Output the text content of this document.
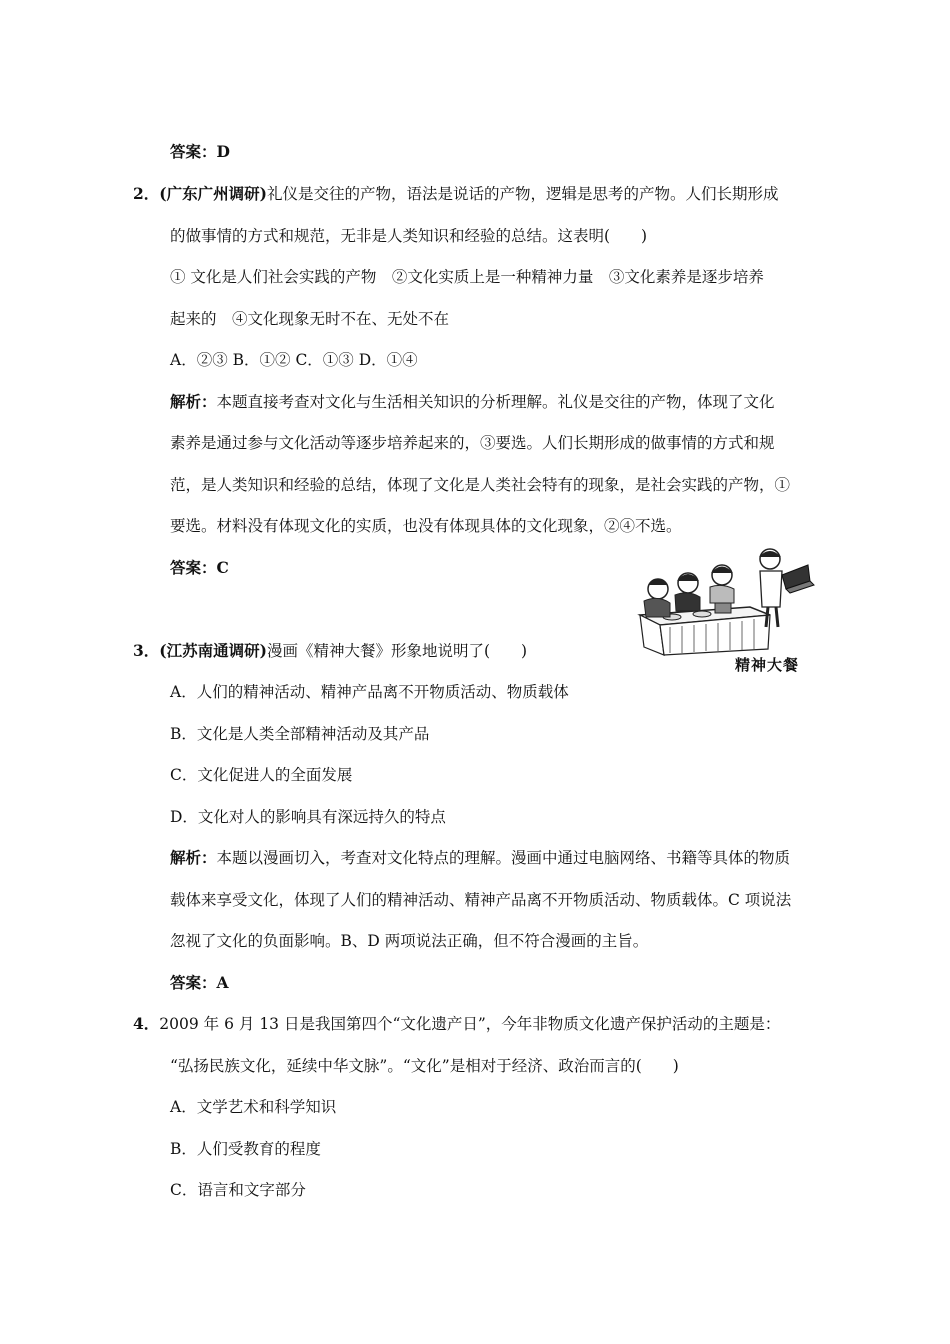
答案：D
2．(广东广州调研)礼仪是交往的产物，语法是说话的产物，逻辑是思考的产物。人们长期形成
的做事情的方式和规范，无非是人类知识和经验的总结。这表明(　　)
① 文化是人们社会实践的产物　②文化实质上是一种精神力量　③文化素养是逐步培养
起来的　④文化现象无时不在、无处不在
A．②③ B．①② C．①③ D．①④
解析：本题直接考查对文化与生活相关知识的分析理解。礼仪是交往的产物，体现了文化
素养是通过参与文化活动等逐步培养起来的，③要选。人们长期形成的做事情的方式和规
范，是人类知识和经验的总结，体现了文化是人类社会特有的现象，是社会实践的产物，①
要选。材料没有体现文化的实质，也没有体现具体的文化现象，②④不选。
答案：C
精神大餐
3．(江苏南通调研)漫画《精神大餐》形象地说明了(　　)
A．人们的精神活动、精神产品离不开物质活动、物质载体
B．文化是人类全部精神活动及其产品
C．文化促进人的全面发展
D．文化对人的影响具有深远持久的特点
解析：本题以漫画切入，考查对文化特点的理解。漫画中通过电脑网络、书籍等具体的物质
载体来享受文化，体现了人们的精神活动、精神产品离不开物质活动、物质载体。C 项说法
忽视了文化的负面影响。B、D 两项说法正确，但不符合漫画的主旨。
答案：A
4．2009 年 6 月 13 日是我国第四个“文化遗产日”，今年非物质文化遗产保护活动的主题是：
“弘扬民族文化，延续中华文脉”。“文化”是相对于经济、政治而言的(　　)
A．文学艺术和科学知识
B．人们受教育的程度
C．语言和文字部分
